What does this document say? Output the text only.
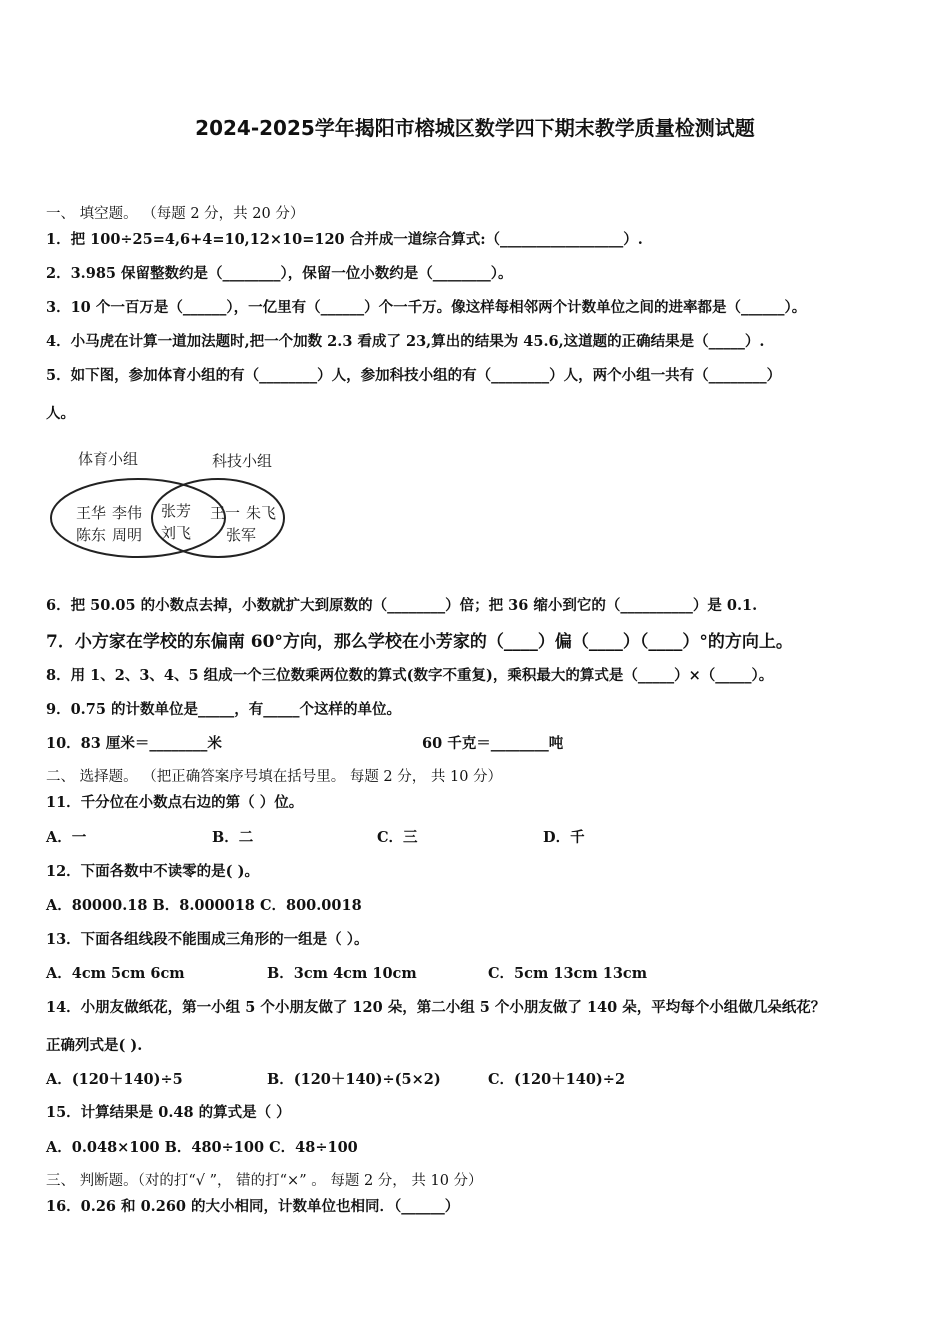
2024-2025学年揭阳市榕城区数学四下期末教学质量检测试题
一、 填空题。 （每题 2 分，共 20 分）
1．把 100÷25=4,6+4=10,12×10=120 合并成一道综合算式:（_________________）.
2．3.985 保留整数约是（________），保留一位小数约是（________）。
3．10 个一百万是（______），一亿里有（______）个一千万。像这样每相邻两个计数单位之间的进率都是（______）。
4．小马虎在计算一道加法题时,把一个加数 2.3 看成了 23,算出的结果为 45.6,这道题的正确结果是（_____）.
5．如下图，参加体育小组的有（________）人，参加科技小组的有（________）人，两个小组一共有（________）
人。
体育小组	科技小组
王华 李伟
陈东 周明
张芳
刘飞
王一 朱飞
张军
6．把 50.05 的小数点去掉，小数就扩大到原数的（________）倍；把 36 缩小到它的（__________）是 0.1.
7．小方家在学校的东偏南 60°方向，那么学校在小芳家的（____）偏（____）（____）°的方向上。
8．用 1、2、3、4、5 组成一个三位数乘两位数的算式(数字不重复)，乘积最大的算式是（_____）×（_____）。
9．0.75 的计数单位是_____，有_____个这样的单位。
10．83 厘米＝________米	60 千克＝________吨
二、 选择题。 （把正确答案序号填在括号里。 每题 2 分， 共 10 分）
11．千分位在小数点右边的第（ ）位。
A．一	B．二	C．三	D．千
12．下面各数中不读零的是( )。
A．80000.18 B．8.000018 C．800.0018
13．下面各组线段不能围成三角形的一组是（ ）。
A．4cm 5cm 6cm	B．3cm 4cm 10cm	C．5cm 13cm 13cm
14．小朋友做纸花，第一小组 5 个小朋友做了 120 朵，第二小组 5 个小朋友做了 140 朵，平均每个小组做几朵纸花？
正确列式是( ).
A．(120＋140)÷5	B．(120＋140)÷(5×2)	C．(120＋140)÷2
15．计算结果是 0.48 的算式是（ ）
A．0.048×100 B．480÷100 C．48÷100
三、 判断题。（对的打“√ ”， 错的打“×” 。 每题 2 分， 共 10 分）
16．0.26 和 0.260 的大小相同，计数单位也相同．（______）
